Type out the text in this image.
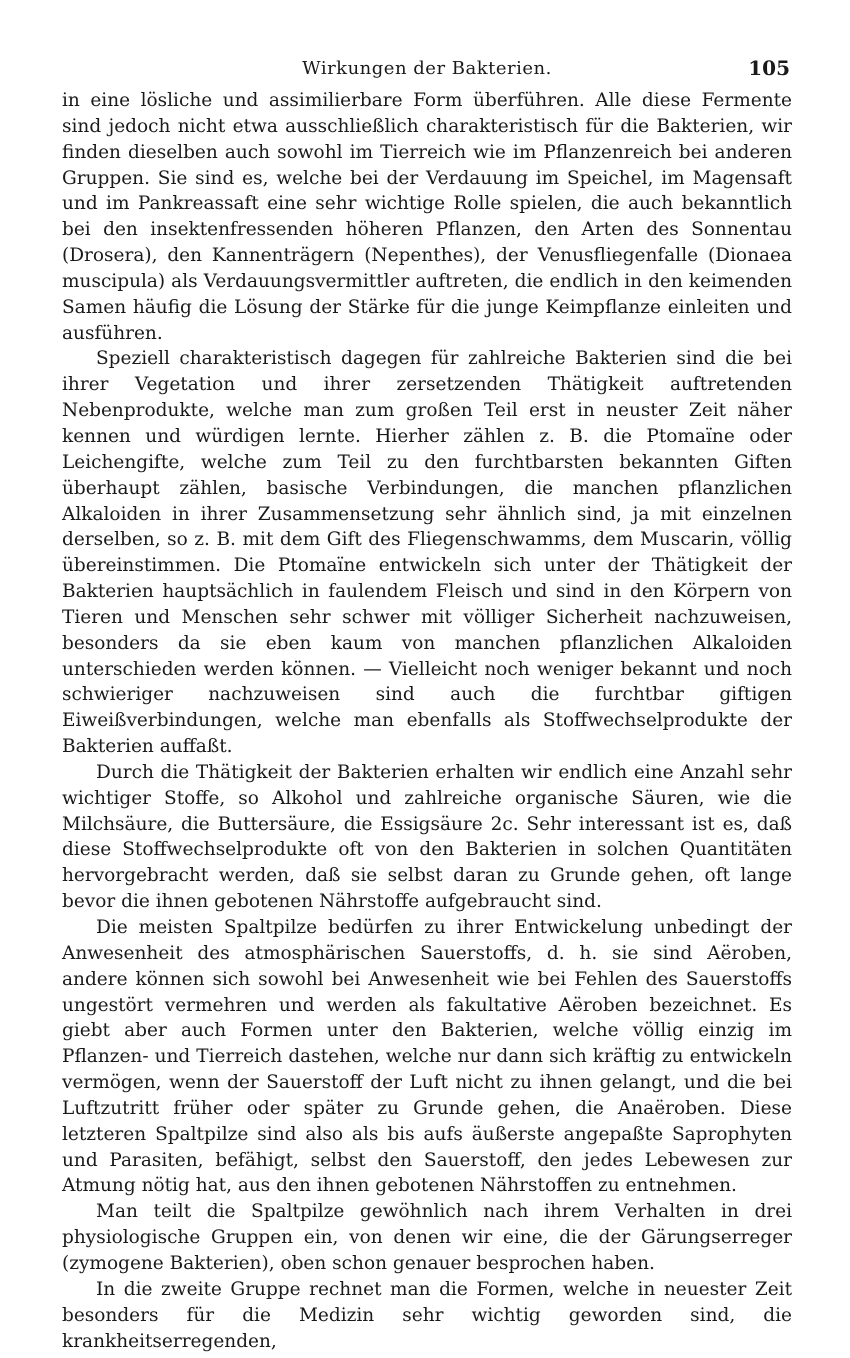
Wirkungen der Bakterien.	105

in eine lösliche und assimilierbare Form überführen. Alle diese Fermente sind jedoch nicht etwa ausschließlich charakteristisch für die Bakterien, wir finden dieselben auch sowohl im Tierreich wie im Pflanzenreich bei anderen Gruppen. Sie sind es, welche bei der Verdauung im Speichel, im Magensaft und im Pankreassaft eine sehr wichtige Rolle spielen, die auch bekanntlich bei den insektenfressenden höheren Pflanzen, den Arten des Sonnentau (Drosera), den Kannenträgern (Nepenthes), der Venusfliegenfalle (Dionaea muscipula) als Verdauungsvermittler auftreten, die endlich in den keimenden Samen häufig die Lösung der Stärke für die junge Keimpflanze einleiten und ausführen.

Speziell charakteristisch dagegen für zahlreiche Bakterien sind die bei ihrer Vegetation und ihrer zersetzenden Thätigkeit auftretenden Nebenprodukte, welche man zum großen Teil erst in neuster Zeit näher kennen und würdigen lernte. Hierher zählen z. B. die Ptomaïne oder Leichengifte, welche zum Teil zu den furchtbarsten bekannten Giften überhaupt zählen, basische Verbindungen, die manchen pflanzlichen Alkaloiden in ihrer Zusammensetzung sehr ähnlich sind, ja mit einzelnen derselben, so z. B. mit dem Gift des Fliegenschwamms, dem Muscarin, völlig übereinstimmen. Die Ptomaïne entwickeln sich unter der Thätigkeit der Bakterien hauptsächlich in faulendem Fleisch und sind in den Körpern von Tieren und Menschen sehr schwer mit völliger Sicherheit nachzuweisen, besonders da sie eben kaum von manchen pflanzlichen Alkaloiden unterschieden werden können. — Vielleicht noch weniger bekannt und noch schwieriger nachzuweisen sind auch die furchtbar giftigen Eiweißverbindungen, welche man ebenfalls als Stoffwechselprodukte der Bakterien auffaßt.

Durch die Thätigkeit der Bakterien erhalten wir endlich eine Anzahl sehr wichtiger Stoffe, so Alkohol und zahlreiche organische Säuren, wie die Milchsäure, die Buttersäure, die Essigsäure 2c. Sehr interessant ist es, daß diese Stoffwechselprodukte oft von den Bakterien in solchen Quantitäten hervorgebracht werden, daß sie selbst daran zu Grunde gehen, oft lange bevor die ihnen gebotenen Nährstoffe aufgebraucht sind.

Die meisten Spaltpilze bedürfen zu ihrer Entwickelung unbedingt der Anwesenheit des atmosphärischen Sauerstoffs, d. h. sie sind Aëroben, andere können sich sowohl bei Anwesenheit wie bei Fehlen des Sauerstoffs ungestört vermehren und werden als fakultative Aëroben bezeichnet. Es giebt aber auch Formen unter den Bakterien, welche völlig einzig im Pflanzen- und Tierreich dastehen, welche nur dann sich kräftig zu entwickeln vermögen, wenn der Sauerstoff der Luft nicht zu ihnen gelangt, und die bei Luftzutritt früher oder später zu Grunde gehen, die Anaëroben. Diese letzteren Spaltpilze sind also als bis aufs äußerste angepaßte Saprophyten und Parasiten, befähigt, selbst den Sauerstoff, den jedes Lebewesen zur Atmung nötig hat, aus den ihnen gebotenen Nährstoffen zu entnehmen.

Man teilt die Spaltpilze gewöhnlich nach ihrem Verhalten in drei physiologische Gruppen ein, von denen wir eine, die der Gärungserreger (zymogene Bakterien), oben schon genauer besprochen haben.

In die zweite Gruppe rechnet man die Formen, welche in neuester Zeit besonders für die Medizin sehr wichtig geworden sind, die krankheitserregenden,
